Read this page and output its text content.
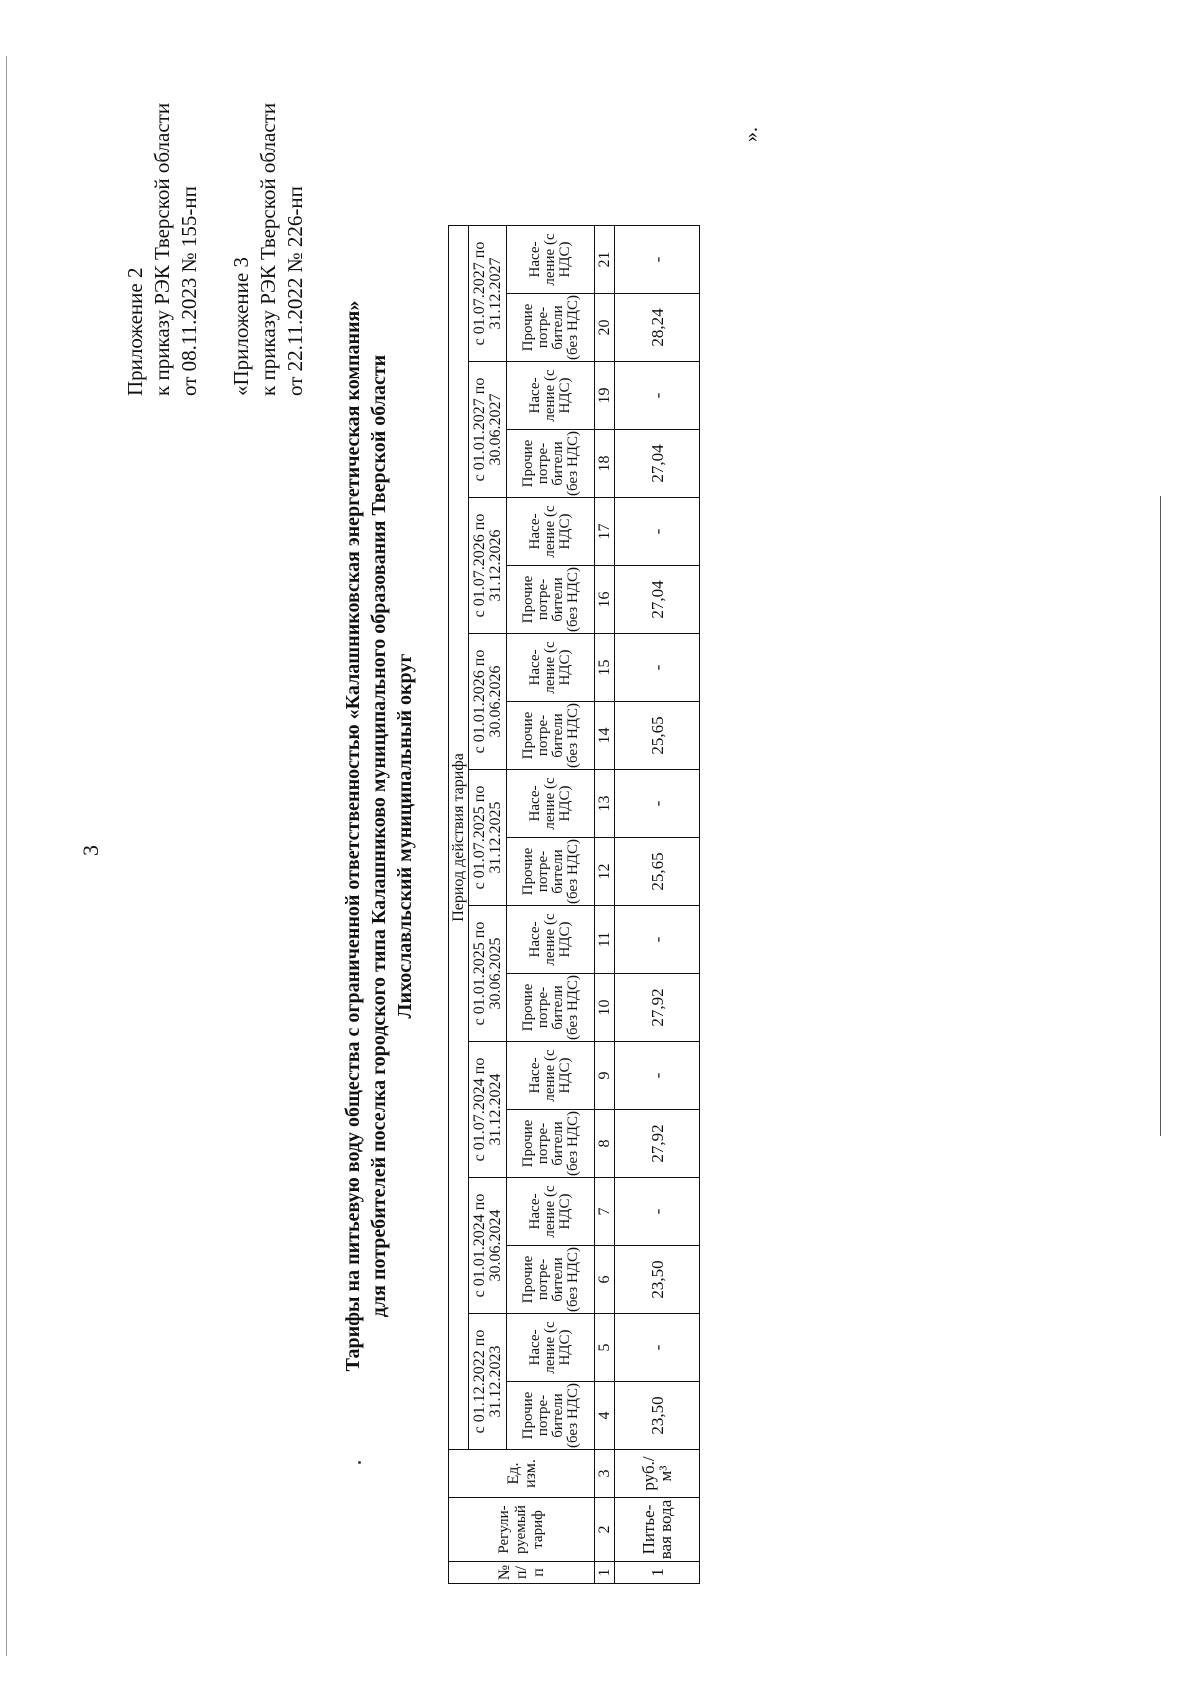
3
Приложение 2 к приказу РЭК Тверской области от 08.11.2023 № 155-нп «Приложение 3 к приказу РЭК Тверской области от 22.11.2022 № 226-нп
Тарифы на питьевую воду общества с ограниченной ответственностью «Калашниковская энергетическая компания» для потребителей поселка городского типа Калашниково муниципального образования Тверской области Лихославльский муниципальный округ
№ п/ п	Регули-руемый тариф	Ед. изм.	Период действия тарифа																	
			с 01.12.2022 по 31.12.2023		с 01.01.2024 по 30.06.2024		с 01.07.2024 по 31.12.2024		с 01.01.2025 по 30.06.2025		с 01.07.2025 по 31.12.2025		с 01.01.2026 по 30.06.2026		с 01.07.2026 по 31.12.2026		с 01.01.2027 по 30.06.2027		с 01.07.2027 по 31.12.2027	
			Прочие потре-бители (без НДС)	Насе-ление (с НДС)	Прочие потре-бители (без НДС)	Насе-ление (с НДС)	Прочие потре-бители (без НДС)	Насе-ление (с НДС)	Прочие потре-бители (без НДС)	Насе-ление (с НДС)	Прочие потре-бители (без НДС)	Насе-ление (с НДС)	Прочие потре-бители (без НДС)	Насе-ление (с НДС)	Прочие потре-бители (без НДС)	Насе-ление (с НДС)	Прочие потре-бители (без НДС)	Насе-ление (с НДС)	Прочие потре-бители (без НДС)	Насе-ление (с НДС)
1	2	3	4	5	6	7	8	9	10	11	12	13	14	15	16	17	18	19	20	21
1	Питье-вая вода	руб./м³	23,50	-	23,50	-	27,92	-	27,92	-	25,65	-	25,65	-	27,04	-	27,04	-	28,24	-
».
